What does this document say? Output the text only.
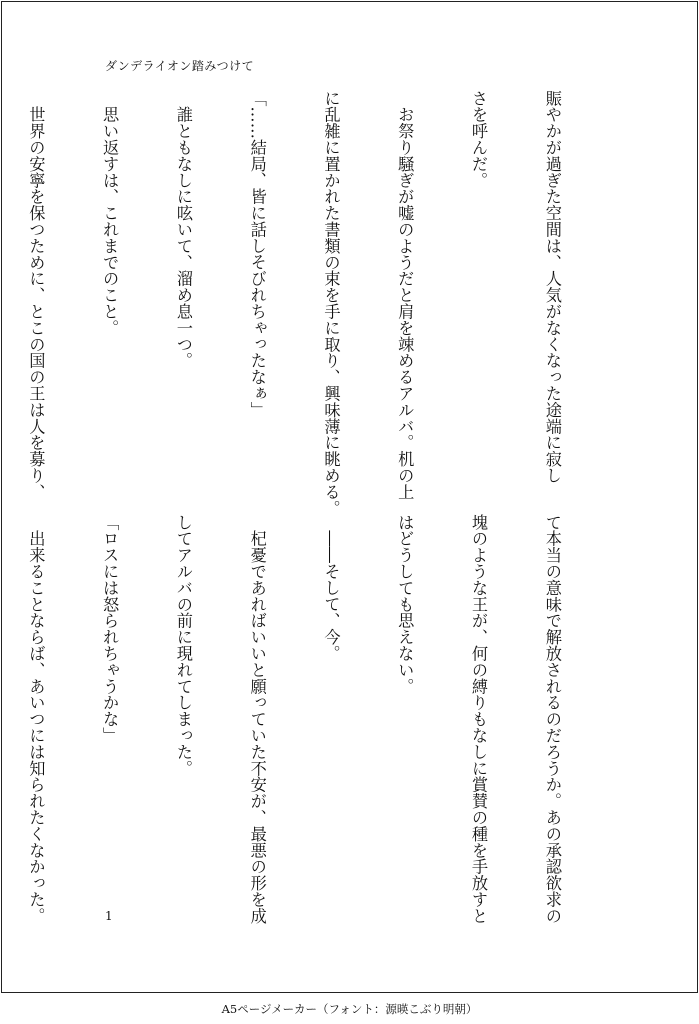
ダンデライオン踏みつけて

賑やかが過ぎた空間は、人気がなくなった途端に寂し

さを呼んだ。

　お祭り騒ぎが嘘のようだと肩を竦めるアルバ。机の上

に乱雑に置かれた書類の束を手に取り、興味薄に眺める。

「……結局、皆に話しそびれちゃったなぁ」

　誰ともなしに呟いて、溜め息一つ。

　思い返すは、これまでのこと。

　世界の安寧を保つために、とこの国の王は人を募り、

て本当の意味で解放されるのだろうか。あの承認欲求の

塊のような王が、何の縛りもなしに賞賛の種を手放すと

はどうしても思えない。

　――そして、今。

　杞憂であればいいと願っていた不安が、最悪の形を成

してアルバの前に現れてしまった。

「ロスには怒られちゃうかな」

　出来ることならば、あいつには知られたくなかった。

	1
A5ページメーカー（フォント：源暎こぶり明朝）
